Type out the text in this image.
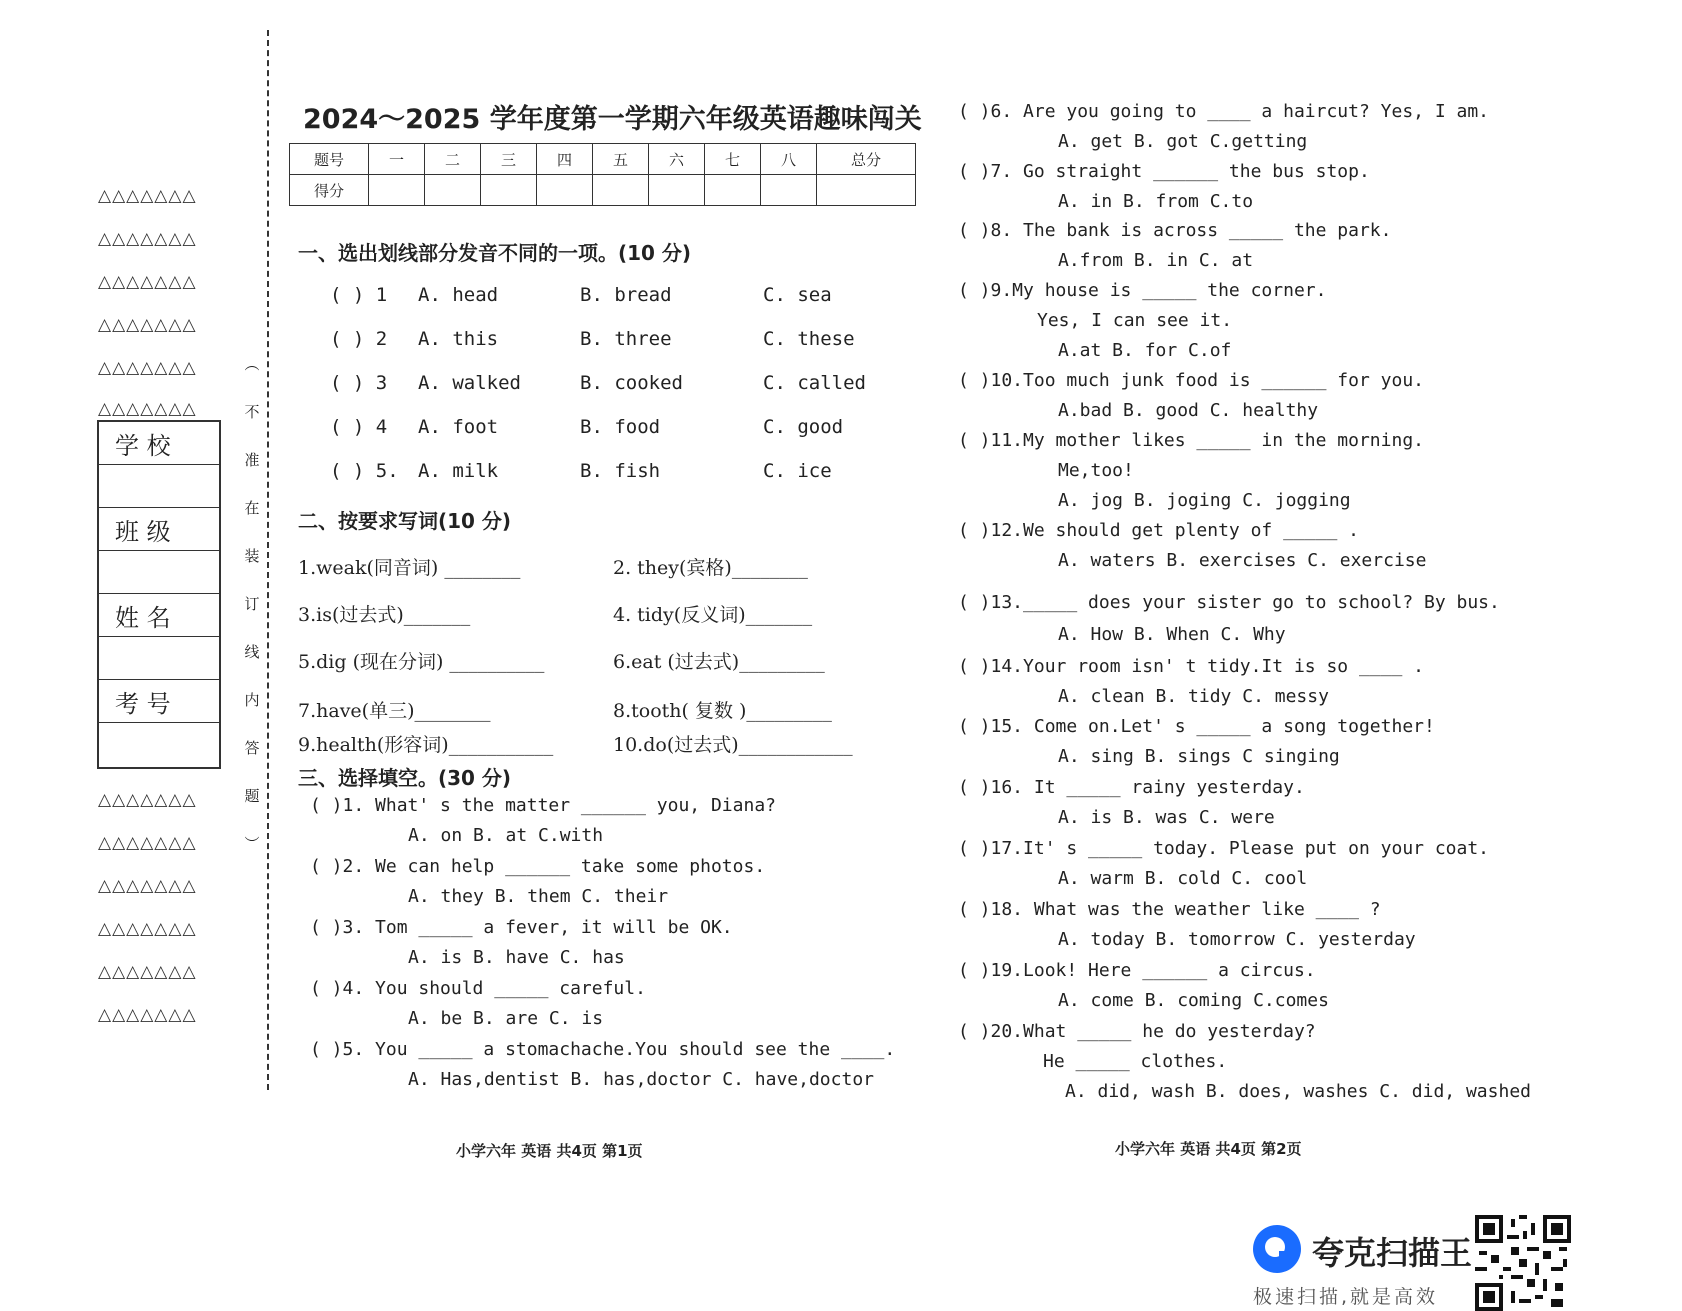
△△△△△△△
△△△△△△△
△△△△△△△
△△△△△△△
△△△△△△△
△△△△△△△
学 校
班 级
姓 名
考 号
△△△△△△△
△△△△△△△
△△△△△△△
△△△△△△△
△△△△△△△
△△△△△△△
︵
不
准
在
装
订
线
内
答
题
︶
2024～2025 学年度第一学期六年级英语趣味闯关
题号	一	二	三	四	五	六	七	八	总分
得分									
一、选出划线部分发音不同的一项。(10 分)
( ) 1 A. head	B. bread	C. sea
( ) 2 A. this	B. three	C. these
( ) 3 A. walked	B. cooked	C. called
( ) 4 A. foot	B. food	C. good
( ) 5. A. milk	B. fish	C. ice
二、按要求写词(10 分)
1.weak(同音词) ________	2. they(宾格)________
3.is(过去式)_______	4. tidy(反义词)_______
5.dig (现在分词) __________	6.eat (过去式)_________
7.have(单三)________	8.tooth( 复数 )_________
9.health(形容词)___________	10.do(过去式)____________
三、选择填空。(30 分)
( )1. What' s the matter ______ you, Diana?
A. on B. at C.with
( )2. We can help ______ take some photos.
A. they B. them C. their
( )3. Tom _____ a fever, it will be OK.
A. is B. have C. has
( )4. You should _____ careful.
A. be B. are C. is
( )5. You _____ a stomachache.You should see the ____.
A. Has,dentist B. has,doctor C. have,doctor
( )6. Are you going to ____ a haircut? Yes, I am.
A. get B. got C.getting
( )7. Go straight ______ the bus stop.
A. in B. from C.to
( )8. The bank is across _____ the park.
A.from B. in C. at
( )9.My house is _____ the corner.
Yes, I can see it.
A.at B. for C.of
( )10.Too much junk food is ______ for you.
A.bad B. good C. healthy
( )11.My mother likes _____ in the morning.
Me,too!
A. jog B. joging C. jogging
( )12.We should get plenty of _____ .
A. waters B. exercises C. exercise
( )13._____ does your sister go to school? By bus.
A. How B. When C. Why
( )14.Your room isn' t tidy.It is so ____ .
A. clean B. tidy C. messy
( )15. Come on.Let' s _____ a song together!
A. sing B. sings C singing
( )16. It _____ rainy yesterday.
A. is B. was C. were
( )17.It' s _____ today. Please put on your coat.
A. warm B. cold C. cool
( )18. What was the weather like ____ ?
A. today B. tomorrow C. yesterday
( )19.Look! Here ______ a circus.
A. come B. coming C.comes
( )20.What _____ he do yesterday?
He _____ clothes.
A. did, wash B. does, washes C. did, washed
小学六年 英语 共4页 第1页	小学六年 英语 共4页 第2页
夸克扫描王
极速扫描,就是高效
